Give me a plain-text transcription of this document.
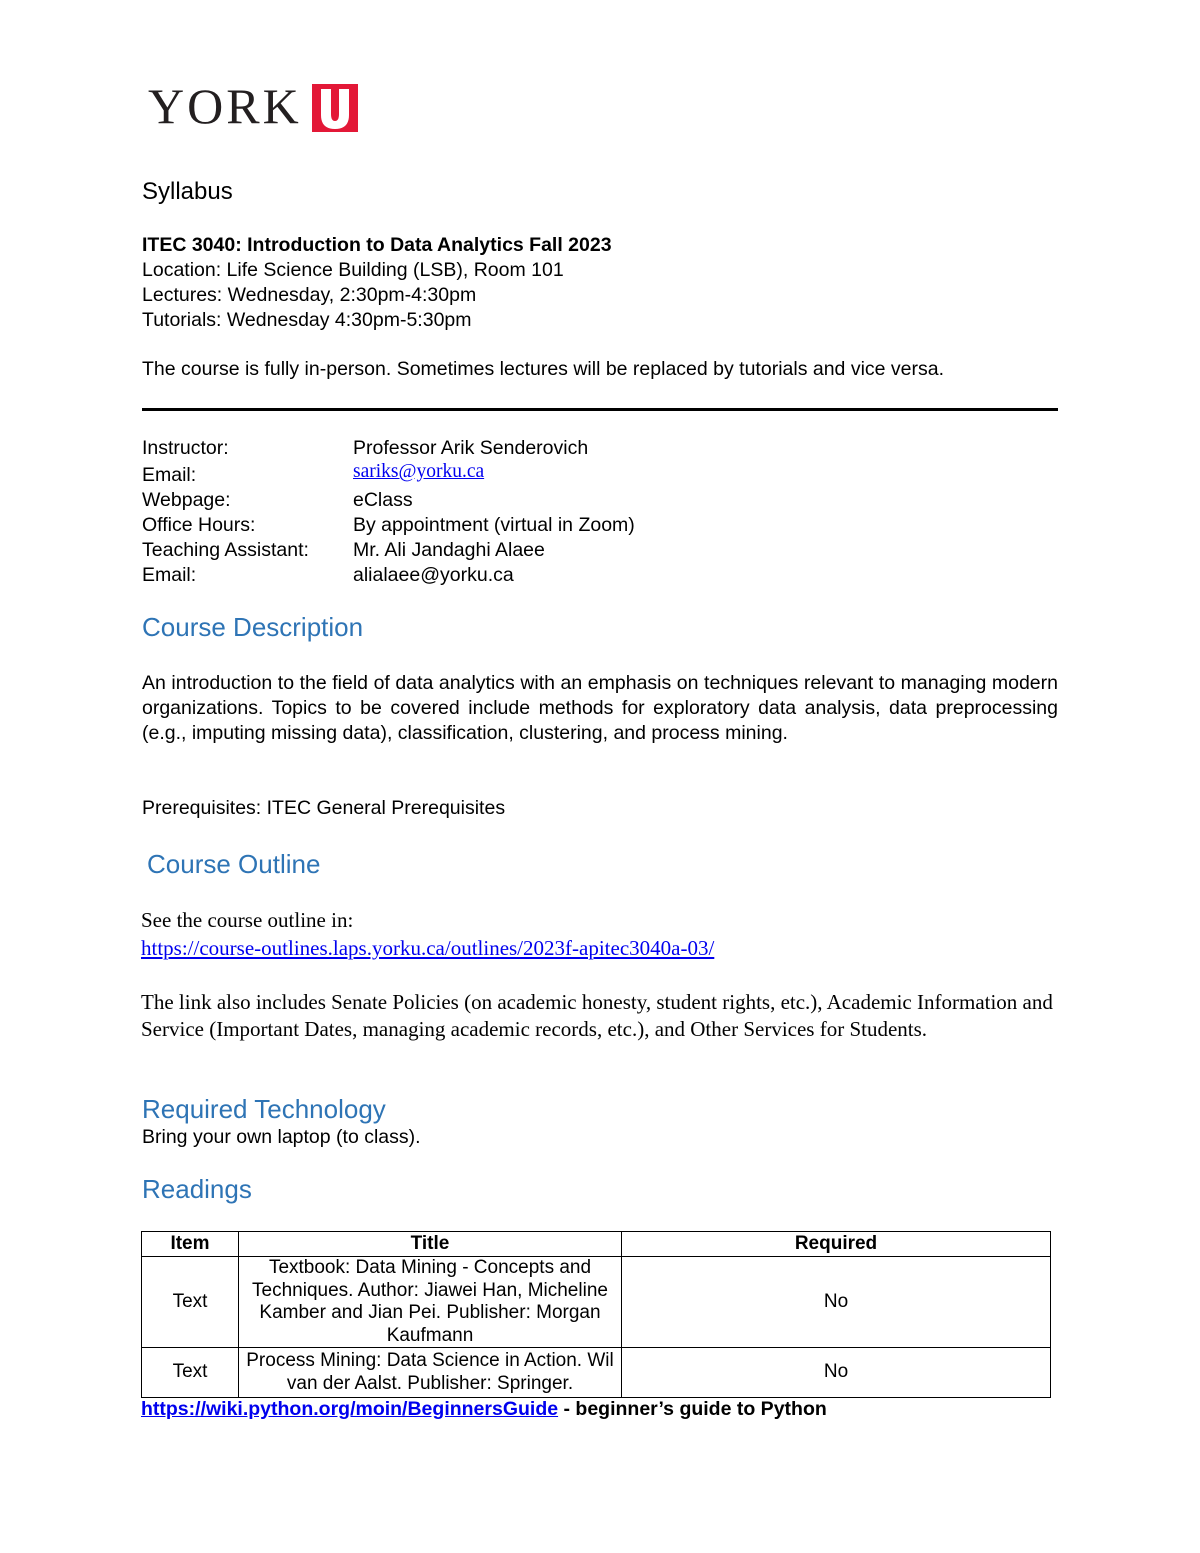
YORK
Syllabus
ITEC 3040: Introduction to Data Analytics Fall 2023
Location: Life Science Building (LSB), Room 101
Lectures: Wednesday, 2:30pm-4:30pm
Tutorials: Wednesday 4:30pm-5:30pm
The course is fully in-person. Sometimes lectures will be replaced by tutorials and vice versa.
Instructor:	Professor Arik Senderovich
Email:	sariks@yorku.ca
Webpage:	eClass
Office Hours:	By appointment (virtual in Zoom)
Teaching Assistant: Mr. Ali Jandaghi Alaee
Email:	alialaee@yorku.ca
Course Description
An introduction to the field of data analytics with an emphasis on techniques relevant to managing modern organizations. Topics to be covered include methods for exploratory data analysis, data preprocessing (e.g., imputing missing data), classification, clustering, and process mining.
Prerequisites: ITEC General Prerequisites
Course Outline
See the course outline in:
https://course-outlines.laps.yorku.ca/outlines/2023f-apitec3040a-03/
The link also includes Senate Policies (on academic honesty, student rights, etc.), Academic Information and Service (Important Dates, managing academic records, etc.), and Other Services for Students.
Required Technology
Bring your own laptop (to class).
Readings
Item	Title	Required
Text	Textbook: Data Mining - Concepts and Techniques. Author: Jiawei Han, Micheline Kamber and Jian Pei. Publisher: Morgan Kaufmann	No
Text	Process Mining: Data Science in Action. Wil van der Aalst. Publisher: Springer.	No
https://wiki.python.org/moin/BeginnersGuide - beginner’s guide to Python
